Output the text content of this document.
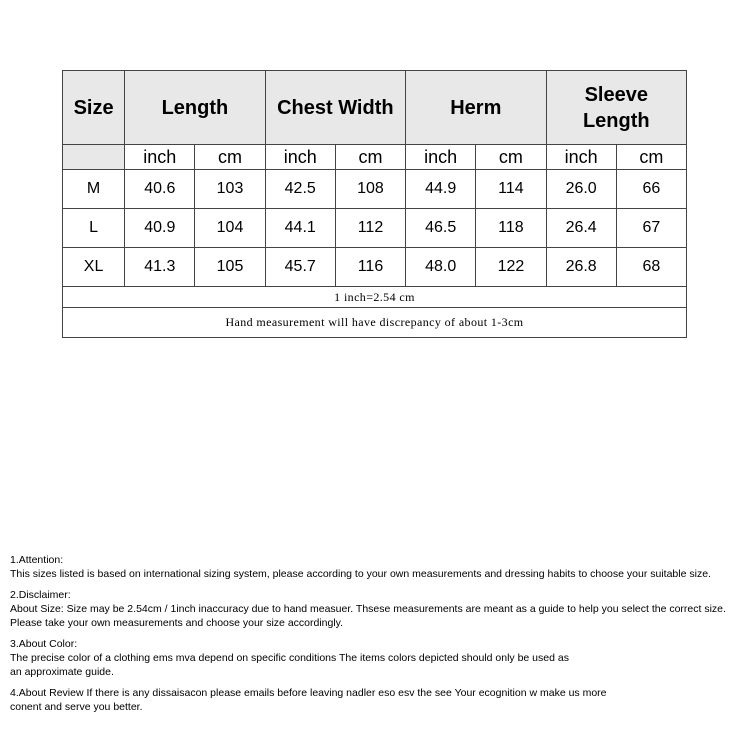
Size	Length		Chest Width		Herm		Sleeve
Length	

	inch	cm	inch	cm	inch	cm	inch	cm
M	40.6	103	42.5	108	44.9	114	26.0	66
L	40.9	104	44.1	112	46.5	118	26.4	67
XL	41.3	105	45.7	116	48.0	122	26.8	68
1 inch=2.54 cm								
Hand measurement will have discrepancy of about 1-3cm								
1.Attention:
This sizes listed is based on international sizing system, please according to your own measurements and dressing habits to choose your suitable size.
2.Disclaimer:
About Size: Size may be 2.54cm / 1inch inaccuracy due to hand measuer. Thsese measurements are meant as a guide to help you select the correct size.
Please take your own measurements and choose your size accordingly.
3.About Color:
The precise color of a clothing ems mva depend on specific conditions The items colors depicted should only be used as
an approximate guide.
4.About Review If there is any dissaisacon please emails before leaving nadler eso esv the see Your ecognition w make us more
conent and serve you better.
